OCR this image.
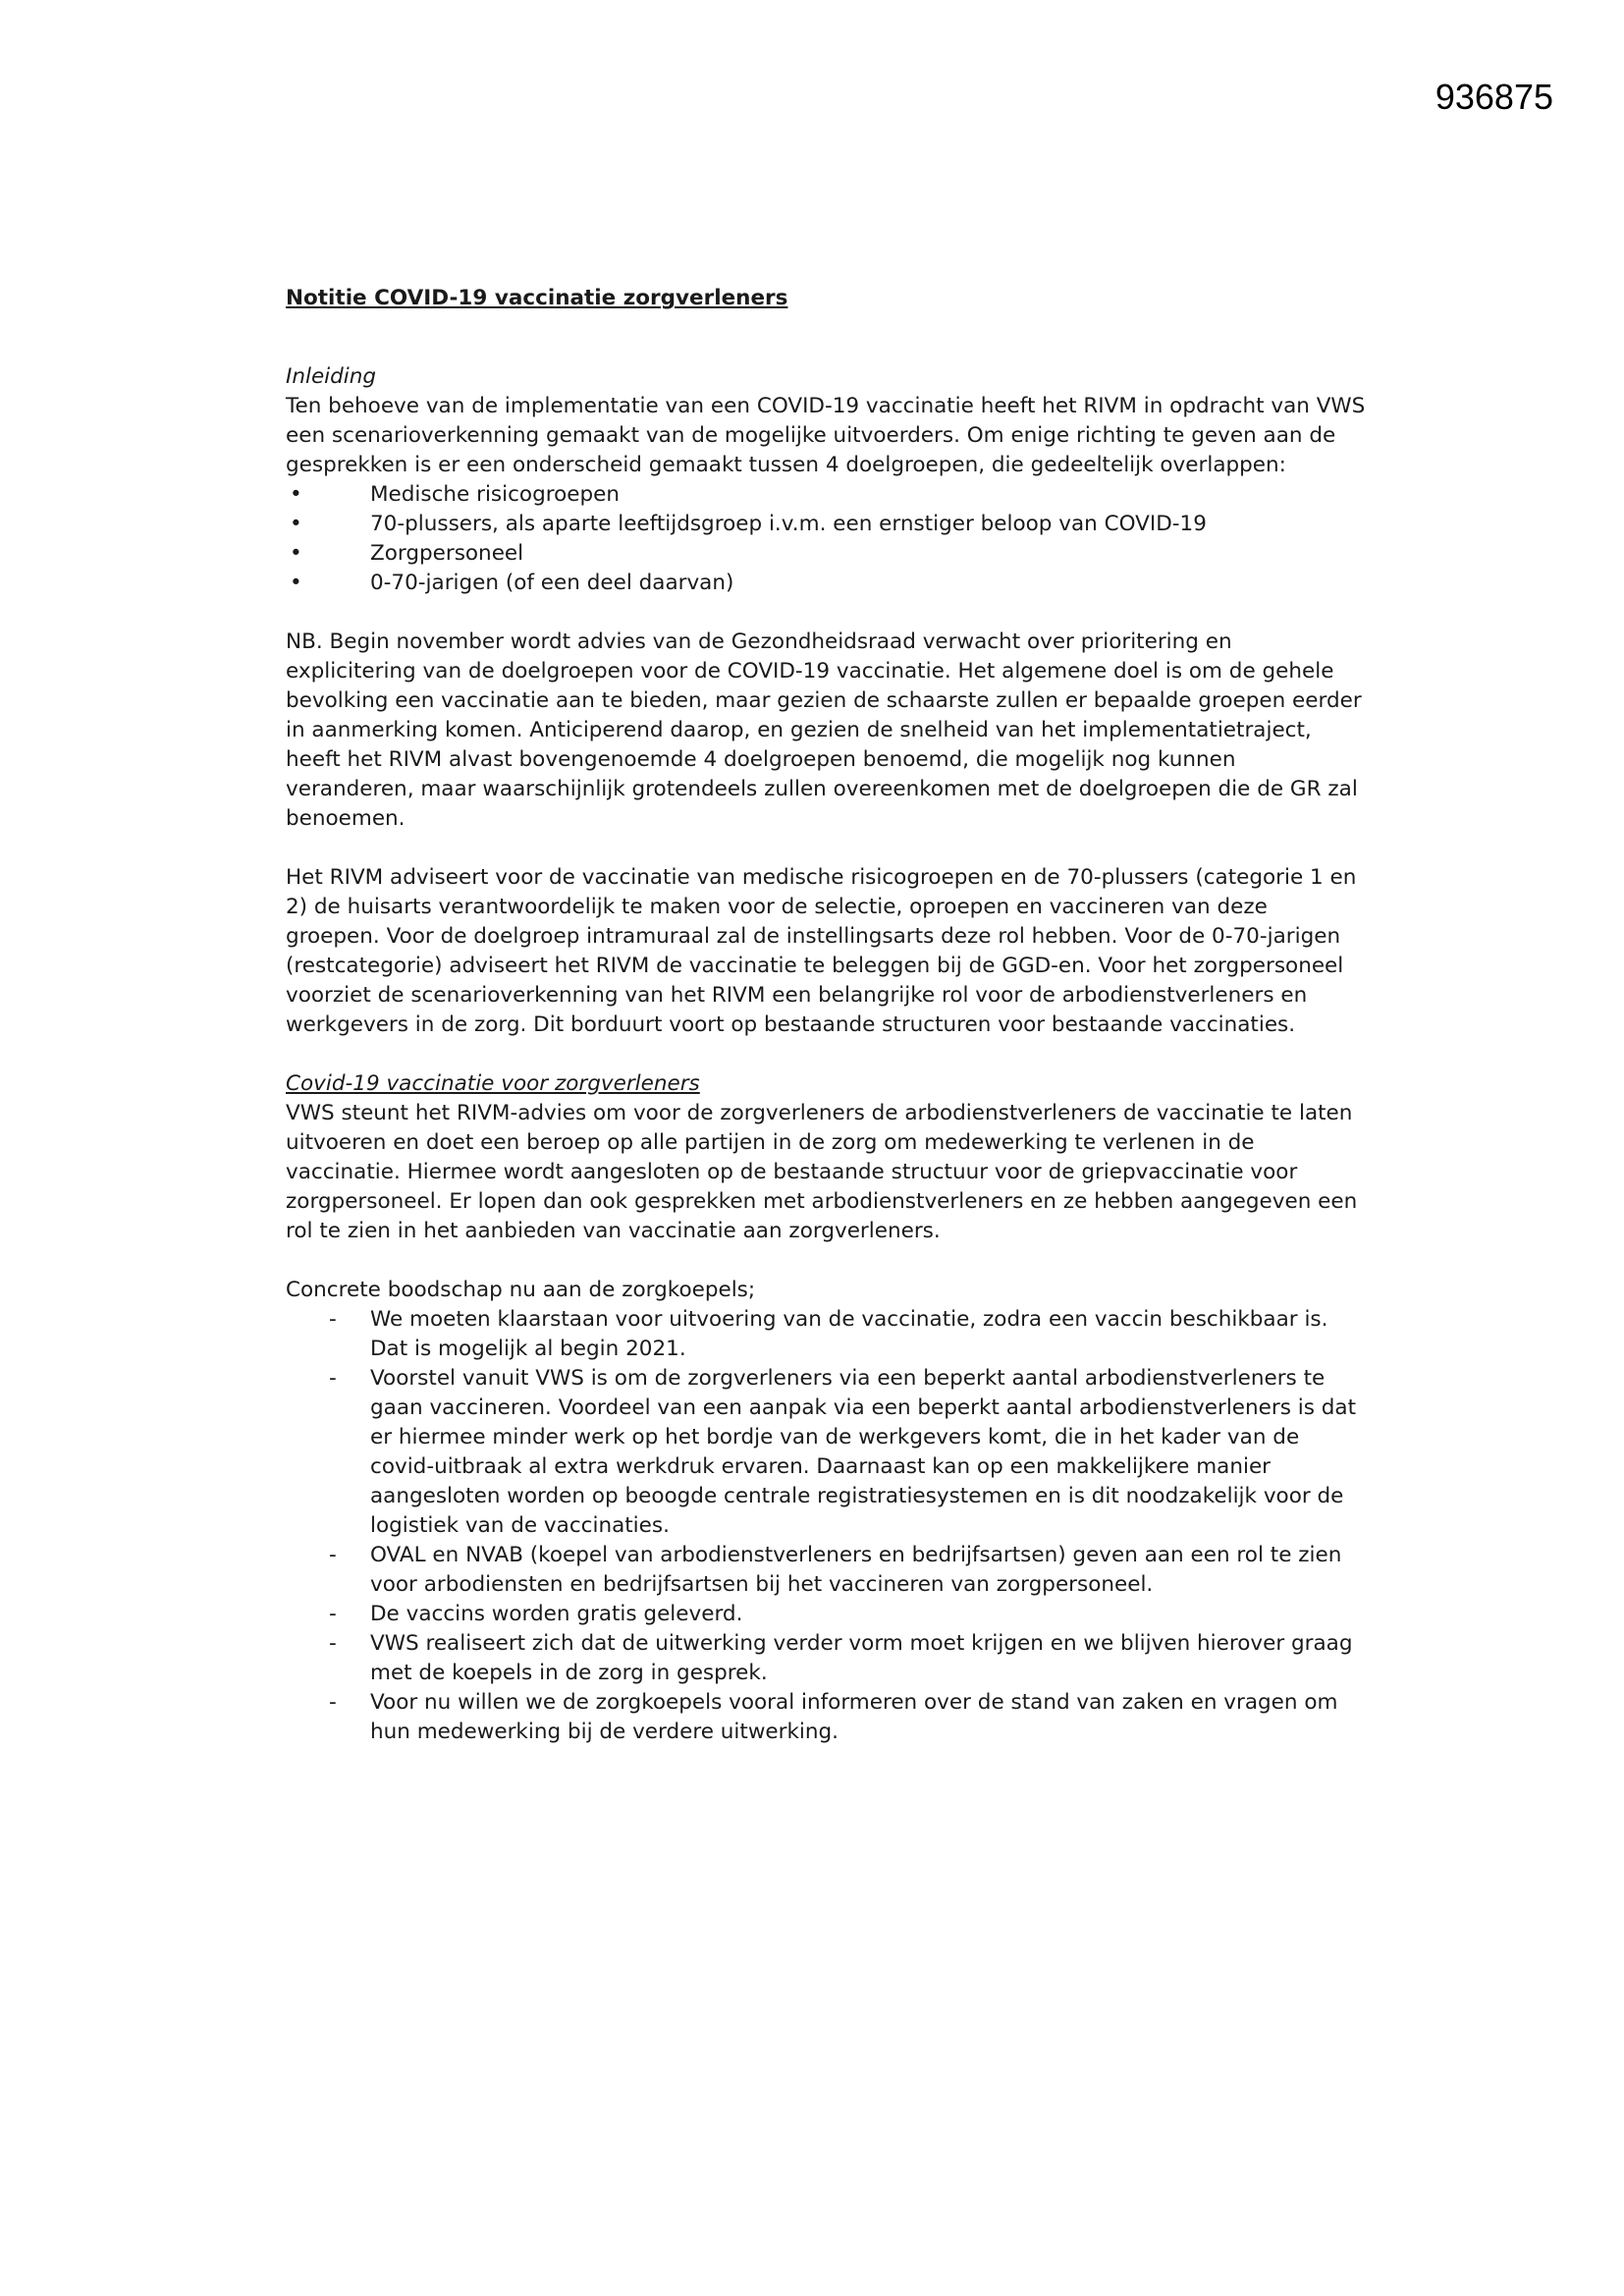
936875

Notitie COVID-19 vaccinatie zorgverleners

Inleiding

Ten behoeve van de implementatie van een COVID-19 vaccinatie heeft het RIVM in opdracht van VWS een scenarioverkenning gemaakt van de mogelijke uitvoerders. Om enige richting te geven aan de gesprekken is er een onderscheid gemaakt tussen 4 doelgroepen, die gedeeltelijk overlappen:

•	Medische risicogroepen
•	70-plussers, als aparte leeftijdsgroep i.v.m. een ernstiger beloop van COVID-19
•	Zorgpersoneel
•	0-70-jarigen (of een deel daarvan)

NB. Begin november wordt advies van de Gezondheidsraad verwacht over prioritering en explicitering van de doelgroepen voor de COVID-19 vaccinatie. Het algemene doel is om de gehele bevolking een vaccinatie aan te bieden, maar gezien de schaarste zullen er bepaalde groepen eerder in aanmerking komen. Anticiperend daarop, en gezien de snelheid van het implementatietraject, heeft het RIVM alvast bovengenoemde 4 doelgroepen benoemd, die mogelijk nog kunnen veranderen, maar waarschijnlijk grotendeels zullen overeenkomen met de doelgroepen die de GR zal benoemen.

Het RIVM adviseert voor de vaccinatie van medische risicogroepen en de 70-plussers (categorie 1 en 2) de huisarts verantwoordelijk te maken voor de selectie, oproepen en vaccineren van deze groepen. Voor de doelgroep intramuraal zal de instellingsarts deze rol hebben. Voor de 0-70-jarigen (restcategorie) adviseert het RIVM de vaccinatie te beleggen bij de GGD-en. Voor het zorgpersoneel voorziet de scenarioverkenning van het RIVM een belangrijke rol voor de arbodienstverleners en werkgevers in de zorg. Dit borduurt voort op bestaande structuren voor bestaande vaccinaties.

Covid-19 vaccinatie voor zorgverleners

VWS steunt het RIVM-advies om voor de zorgverleners de arbodienstverleners de vaccinatie te laten uitvoeren en doet een beroep op alle partijen in de zorg om medewerking te verlenen in de vaccinatie. Hiermee wordt aangesloten op de bestaande structuur voor de griepvaccinatie voor zorgpersoneel. Er lopen dan ook gesprekken met arbodienstverleners en ze hebben aangegeven een rol te zien in het aanbieden van vaccinatie aan zorgverleners.

Concrete boodschap nu aan de zorgkoepels;

- We moeten klaarstaan voor uitvoering van de vaccinatie, zodra een vaccin beschikbaar is. Dat is mogelijk al begin 2021.
- Voorstel vanuit VWS is om de zorgverleners via een beperkt aantal arbodienstverleners te gaan vaccineren. Voordeel van een aanpak via een beperkt aantal arbodienstverleners is dat er hiermee minder werk op het bordje van de werkgevers komt, die in het kader van de covid-uitbraak al extra werkdruk ervaren. Daarnaast kan op een makkelijkere manier aangesloten worden op beoogde centrale registratiesystemen en is dit noodzakelijk voor de logistiek van de vaccinaties.
- OVAL en NVAB (koepel van arbodienstverleners en bedrijfsartsen) geven aan een rol te zien voor arbodiensten en bedrijfsartsen bij het vaccineren van zorgpersoneel.
- De vaccins worden gratis geleverd.
- VWS realiseert zich dat de uitwerking verder vorm moet krijgen en we blijven hierover graag met de koepels in de zorg in gesprek.
- Voor nu willen we de zorgkoepels vooral informeren over de stand van zaken en vragen om hun medewerking bij de verdere uitwerking.
